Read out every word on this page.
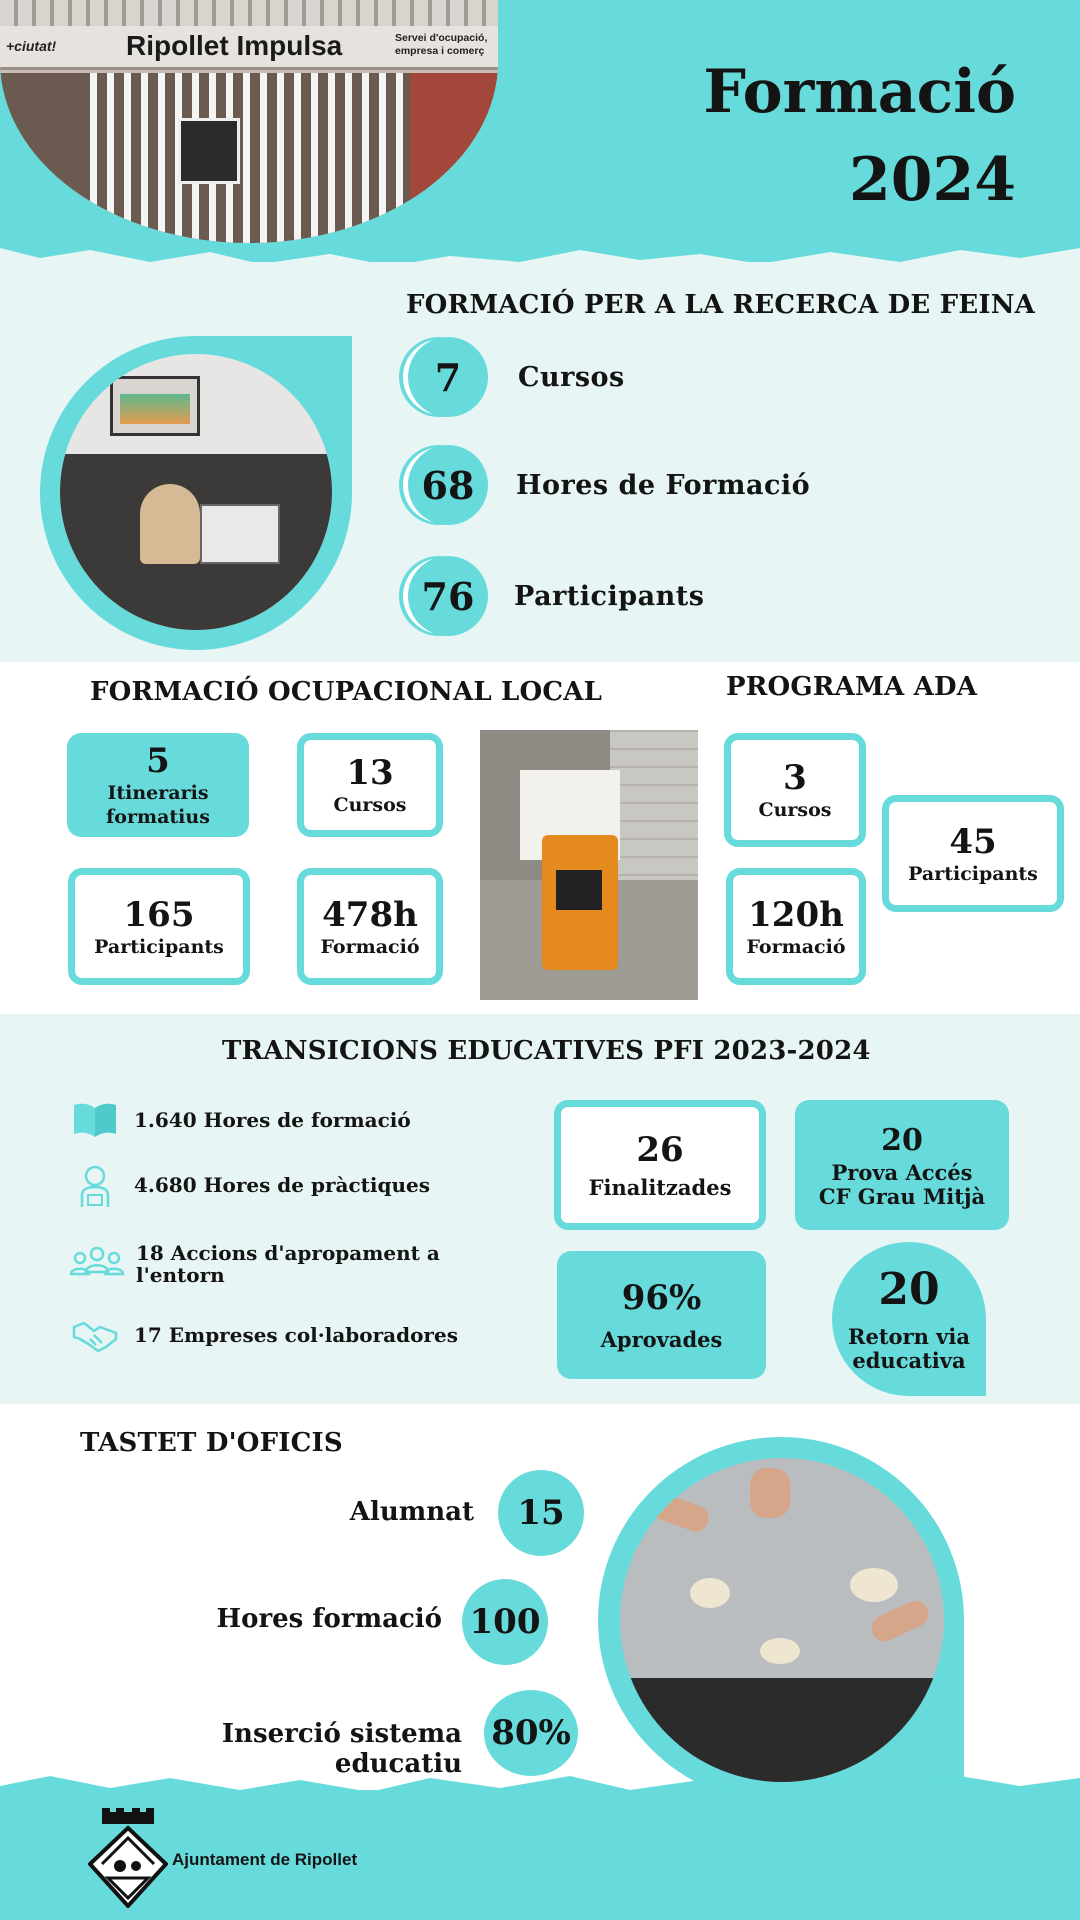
+ciutat! Ripollet Impulsa	Servei d'ocupació, empresa i comerç
Formació
2024
FORMACIÓ PER A LA RECERCA DE FEINA
7	Cursos
68	Hores de Formació
76	Participants
FORMACIÓ OCUPACIONAL LOCAL	PROGRAMA ADA
5
Itineraris formatius
13
Cursos
165
Participants
478h
Formació
3
Cursos
45
Participants
120h
Formació
TRANSICIONS EDUCATIVES PFI 2023-2024
1.640 Hores de formació
4.680 Hores de pràctiques
18 Accions d'apropament a l'entorn
17 Empreses col·laboradores
26
Finalitzades
20
Prova Accés CF Grau Mitjà
96%
Aprovades
20
Retorn via educativa
TASTET D'OFICIS
Alumnat	15
Hores formació 100
Inserció sistema educatiu
80%
Ajuntament de Ripollet
